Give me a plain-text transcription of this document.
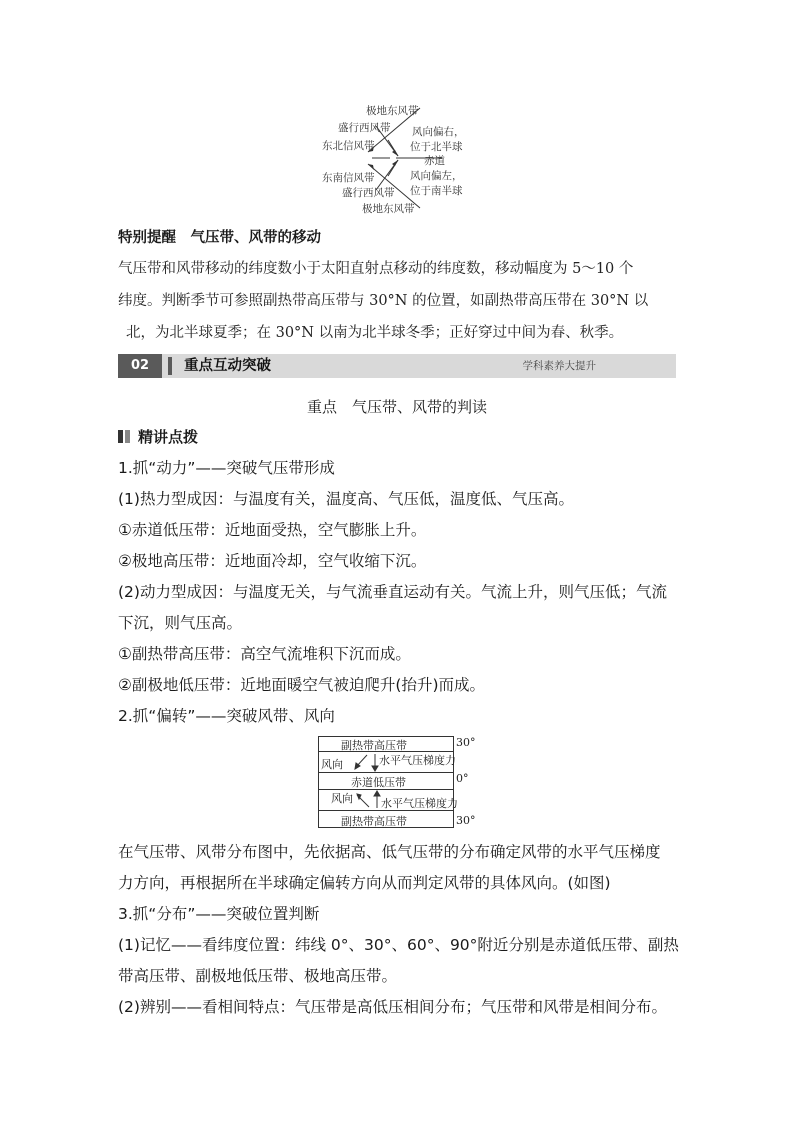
极地东风带
盛行西风带 风向偏右，
东北信风带	位于北半球
赤道
东南信风带	风向偏左，
盛行西风带 位于南半球
极地东风带
特别提醒　 气压带、风带的移动
气压带和风带移动的纬度数小于太阳直射点移动的纬度数，移动幅度为 5～10 个
纬度。判断季节可参照副热带高压带与 30°N 的位置，如副热带高压带在 30°N 以
北，为北半球夏季；在 30°N 以南为北半球冬季；正好穿过中间为春、秋季。
02	重点互动突破	学科素养大提升
重点　气压带、风带的判读
精讲点拨
1.抓“动力”——突破气压带形成
(1)热力型成因：与温度有关，温度高、气压低，温度低、气压高。
①赤道低压带：近地面受热，空气膨胀上升。
②极地高压带：近地面冷却，空气收缩下沉。
(2)动力型成因：与温度无关，与气流垂直运动有关。气流上升，则气压低；气流
下沉，则气压高。
①副热带高压带：高空气流堆积下沉而成。
②副极地低压带：近地面暖空气被迫爬升(抬升)而成。
2.抓“偏转”——突破风带、风向
副热带高压带
风向	水平气压梯度力
赤道低压带
风向	水平气压梯度力
副热带高压带
30°
0°
30°
在气压带、风带分布图中，先依据高、低气压带的分布确定风带的水平气压梯度
力方向，再根据所在半球确定偏转方向从而判定风带的具体风向。(如图)
3.抓“分布”——突破位置判断
(1)记忆——看纬度位置：纬线 0°、30°、60°、90°附近分别是赤道低压带、副热
带高压带、副极地低压带、极地高压带。
(2)辨别——看相间特点：气压带是高低压相间分布；气压带和风带是相间分布。
